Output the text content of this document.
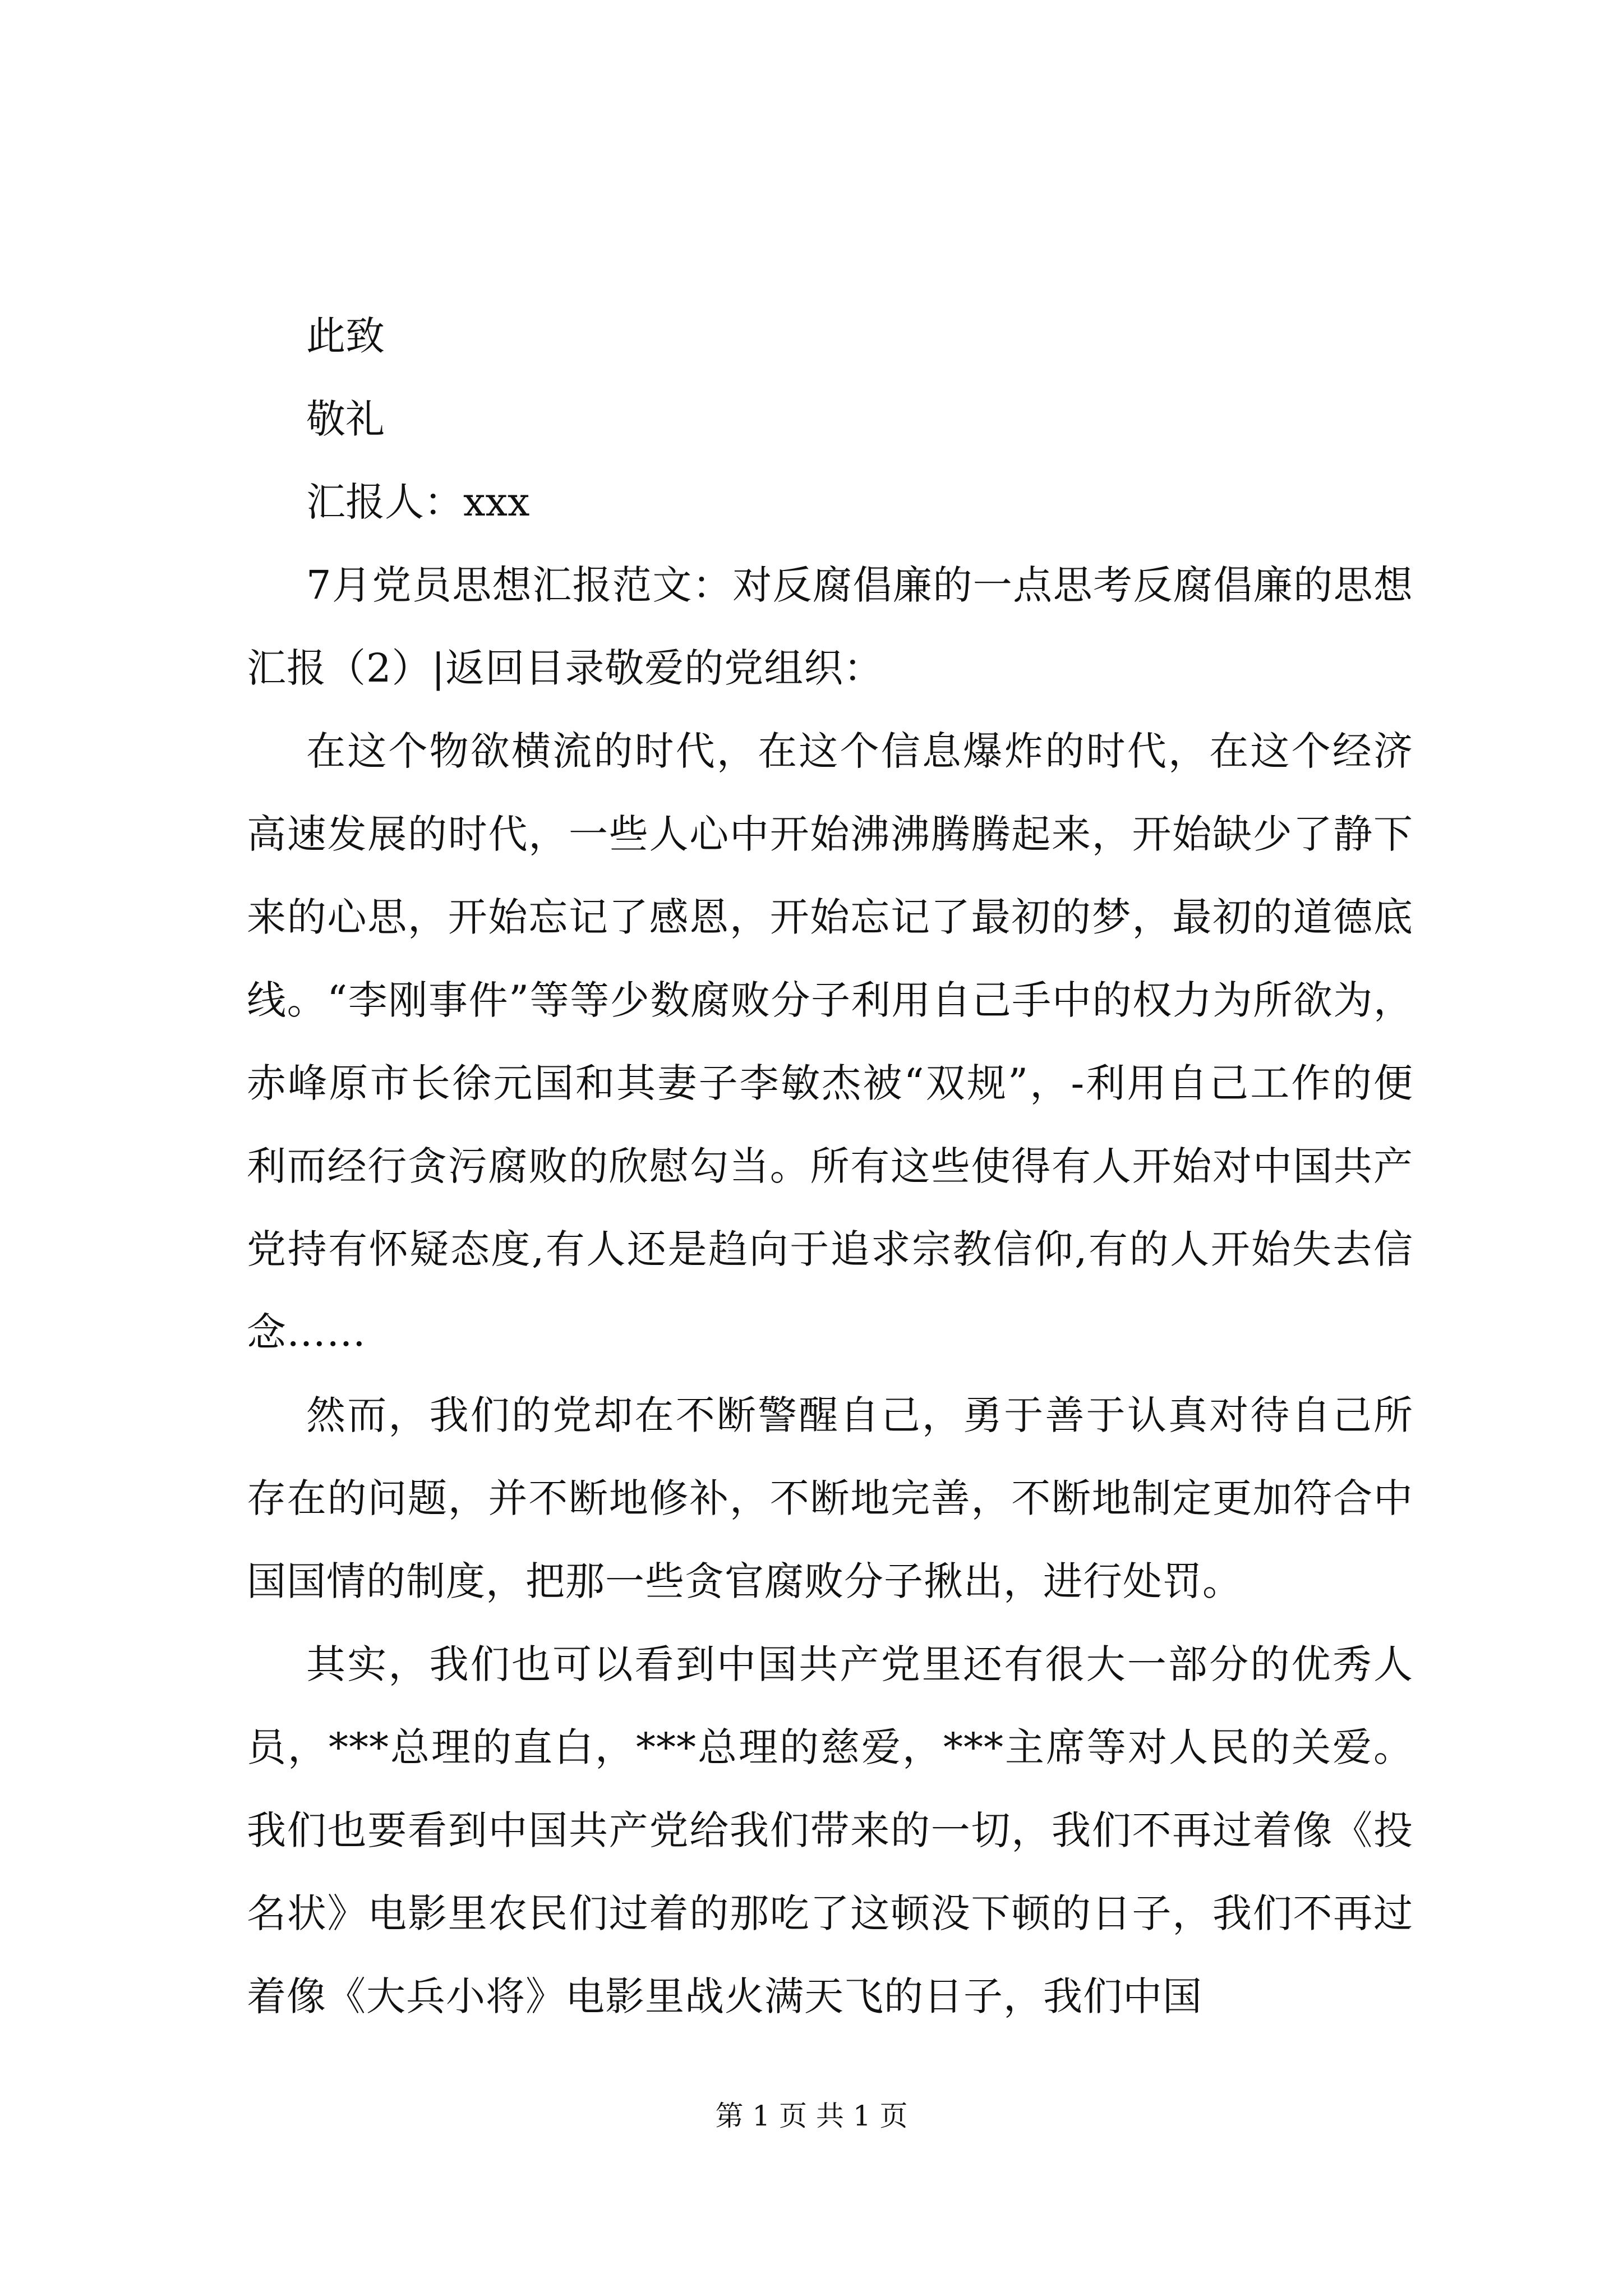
此致

敬礼

汇报人：xxx

7月党员思想汇报范文：对反腐倡廉的一点思考反腐倡廉的思想汇报（2）|返回目录敬爱的党组织：

在这个物欲横流的时代，在这个信息爆炸的时代，在这个经济高速发展的时代，一些人心中开始沸沸腾腾起来，开始缺少了静下来的心思，开始忘记了感恩，开始忘记了最初的梦，最初的道德底线。“李刚事件”等等少数腐败分子利用自己手中的权力为所欲为，赤峰原市长徐元国和其妻子李敏杰被“双规”，-利用自己工作的便利而经行贪污腐败的欣慰勾当。所有这些使得有人开始对中国共产党持有怀疑态度,有人还是趋向于追求宗教信仰,有的人开始失去信念……

然而，我们的党却在不断警醒自己，勇于善于认真对待自己所存在的问题，并不断地修补，不断地完善，不断地制定更加符合中国国情的制度，把那一些贪官腐败分子揪出，进行处罚。

其实，我们也可以看到中国共产党里还有很大一部分的优秀人员，***总理的直白，***总理的慈爱，***主席等对人民的关爱。我们也要看到中国共产党给我们带来的一切，我们不再过着像《投名状》电影里农民们过着的那吃了这顿没下顿的日子，我们不再过着像《大兵小将》电影里战火满天飞的日子，我们中国

第 1 页 共 1 页
